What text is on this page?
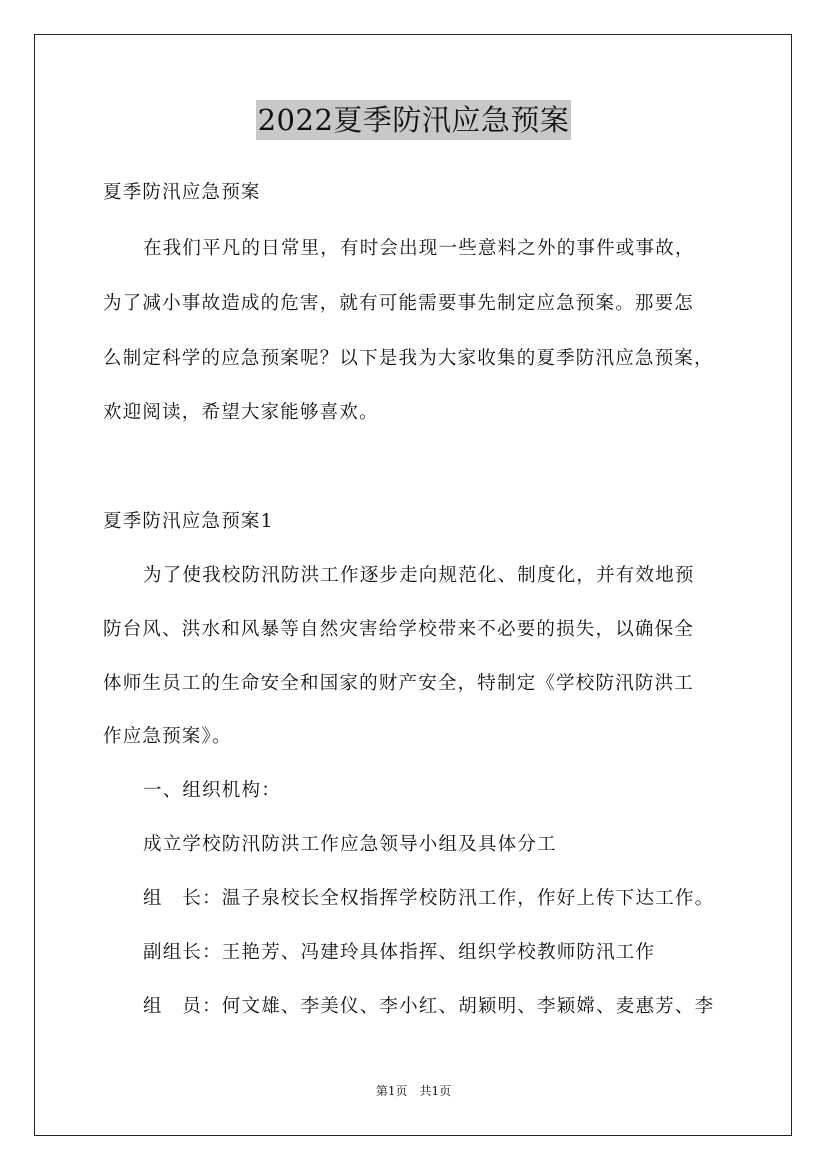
2022夏季防汛应急预案
夏季防汛应急预案
在我们平凡的日常里，有时会出现一些意料之外的事件或事故，
为了减小事故造成的危害，就有可能需要事先制定应急预案。那要怎
么制定科学的应急预案呢？以下是我为大家收集的夏季防汛应急预案，
欢迎阅读，希望大家能够喜欢。
夏季防汛应急预案1
为了使我校防汛防洪工作逐步走向规范化、制度化，并有效地预
防台风、洪水和风暴等自然灾害给学校带来不必要的损失，以确保全
体师生员工的生命安全和国家的财产安全，特制定《学校防汛防洪工
作应急预案》。
一、组织机构：
成立学校防汛防洪工作应急领导小组及具体分工
组　长：温子泉校长全权指挥学校防汛工作，作好上传下达工作。
副组长：王艳芳、冯建玲具体指挥、组织学校教师防汛工作
组　员：何文雄、李美仪、李小红、胡颖明、李颖嫦、麦惠芳、李
第1页　共1页
